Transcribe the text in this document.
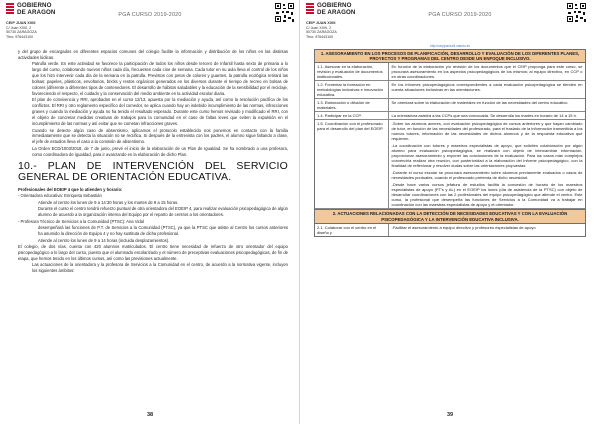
GOBIERNO
DE ARAGON
CEIP JUAN XXIII
C/ Juan XXIII, 2
50730 ZARAGOZA
Tfno: 976443100
PGA CURSO 2019-2020

y del grupo de encargados en diferentes espacios comunes del colegio facilite la información y distribución de los niños en las distintas actividades lúdicas.

Patrulla verde. En este actividad se favorece la participación de todos los niños desde tercero de Infantil hasta sexto de primaria a lo largo del curso, colaborando nuevos niños cada día, frecuentes cada cine de semana. Cada tutor en su aula lleva el control de los niños que los hizo intervenir cada día de la semana en la patrulla. Previstos con petos de colores y guantes, la patrulla ecológica retirará las bolsas: papeles, plásticos, envoltorios, bricks y restos orgánicos generados en los diversos durante el tiempo de recreo en bolsas de colores (diferente a diferentes tipos de contenedores. El desarrollo de hábitos saludables y la educación de la sensibilidad por el reciclaje, favoreciendo el respecto, el cuidado y la conservación del medio ambiente en la actividad escolar diaria.

El plan de convivencia y RRI, aprobados en el curso 12/13, apuesta por la mediación y ayuda, así como la resolución pacífica de los conflictos. El RRI y otro reglamento específico del comedor, se aplica cuando hay un indebido incumplimiento de las normas, infracciones graves y cuando la mediación y ayuda no ha tenido el resultado esperado. Durante este curso hemos revisado y modificado el RRI, con el objeto de concretar medidas creativas de trabajos para la comunidad en el caso de faltas leves que eviten la expulsión en el incumplimiento de las normas y así evitar que se cometan infracciones graves.

Cuando se detecte algún caso de absentismo, aplicamos el protocolo establecido nos ponemos en contacto con la familia inmediatamente que se detecta la situación no se rectifica. Si después de la entrevista con los padres, el alumno sigue faltando a clase, el jefe de estudios lleva el caso a la comisión de absentismo.

La Orden ECD/1003/2018, de 7 de junio, prevé el inicio de la elaboración de un Plan de Igualdad. Se ha nombrado a una profesora, como coordinadora de igualdad, para ir avanzando en la elaboración de dicho Plan.

10.- PLAN DE INTERVENCIÓN DEL SERVICIO GENERAL DE ORIENTACIÓN EDUCATIVA.

Profesionales del EOEIP 4 que lo atienden y horario:

- Orientadora educativa: Enriqueta Sebastián

Atiende al centro los lunes de 9 a 14:30 horas y los martes de 9 a 15 horas.

Durante el curso el centro tendrá refuerzo puntual de otra orientadora del EOEIP 4, para realizar evaluación psicopedagógica de algún alumno de acuerdo a la organización interna del Equipo por el reparto de centros a los orientadores.

- Profesora Técnico de Servicios a la Comunidad (PTSC): Ana Vidal

desempeñará las funciones de P.T. de Servicios a la Comunidad (PTSC), ya que la PTSC que asiste al Centro los cursos anteriores ha asumido la dirección de Equipo 4 y no hay sustituta de dicha profesional.

Atiende al centro los lunes de 9 a 14 horas (incluida desplazamientos).

El colegio, de dos vías, cuenta con 420 alumnos matriculados. El centro tiene necesidad de refuerzo de otro orientador del equipo psicopedagógico a lo largo del curso, puesto que el alumnado escolarizado y el número de preceptivas evaluaciones psicopedagógicas, de fin de etapa, que hemos tenido en los últimos cursos, así como las previsiones actualmente.

Las actuaciones de la orientadora y la profesora de Servicios a la Comunidad en el centro, de acuerdo a la normativa vigente, incluyen los siguientes ámbitos:

38
GOBIERNO
DE ARAGON
CEIP JUAN XXIII
C/ Juan XXIII, 2
50730 ZARAGOZA
Tfno: 976443100
PGA CURSO 2019-2020
http://ceipjuanxxiii.catedu.es
1. ASESORAMIENTO EN LOS PROCESOS DE PLANIFICACIÓN, DESARROLLO Y EVALUACIÓN DE LOS DIFERENTES PLANES, PROYECTOS Y PROGRAMAS DEL CENTRO DESDE UN ENFOQUE INCLUSIVO.
1.1. Asesorar en la elaboración, revisión y evaluación de documentos institucionales.

En función de la elaboración y/o revisión de los documentos que el CEIP proponga para este curso, se procurará asesoramiento en los aspectos psicopedagógicos de los mismos; al equipo directivo, en CCP o en otras coordinaciones.

1.2. Fomentar la formación en metodologías inclusivas e innovación educativa.

En los informes psicopedagógicos correspondientes a cada evaluación psicopedagógica se tienden en cuenta situaciones inclusivas en las orientaciones.

1.3. Elaboración o difusión de materiales.

Se orientará sobre la elaboración de materiales en función de las necesidades del centro educativo.

1.4. Participar en la CCP.	La orientadora asistirá a las CCPs que sea convocada. Se desarrolla los martes en horario de 14 a 15 h.

1.5. Coordinación con el profesorado para el desarrollo del plan del EOEIP.

-Sobre los alumnos acnees, con evaluación psicopedagógica de cursos anteriores y que hayan cambiado de tutor, en función de las necesidades del profesorado, para el traslado de la información transmitida a los nuevos tutores, información de las necesidades de dichos alumnos y de la respuesta educativa que requieren.

-La coordinación con tutores y maestros especialistas de apoyo, que soliciten colaboración por algún alumno para evaluación psicopedagógica, se realizará con objeto de intercambiar información, proporcionar asesoramiento y exponer las conclusiones de la evaluación. Para los casos más complejos convendría realizar otra reunión, con posterioridad a la elaboración del informe psicopedagógico, con la finalidad de reflexionar y resolver dudas sobre las orientaciones propuestas.

-Durante el curso escolar se procurará asesoramiento sobre alumnos previamente evaluados o casos de necesidades puntuales, cuando el profesorado pretenda de dicho necesidad.

-Desde hace varios cursos jefatura de estudios facilita la concesión de horario de los maestros especialistas de apoyo (PT's y AL) en el EOEIP los lunes (día de asistencia de la PTSC) con objeto de desarrollar coordinaciones con las 2 profesionales del equipo psicopedagógico que atiende el centro. Este curso, la profesional que desempeña las funciones de Servicios a la Comunidad va a trabajar en coordinación con las maestras especialistas de apoyo y el orientador.

2. ACTUACIONES RELACIONADAS CON LA DETECCIÓN DE NECESIDADES EDUCATIVAS Y CON LA EVALUACIÓN PSICOPEDAGÓGICA Y LA INTERVENCIÓN EDUCATIVA INCLUSIVA.
2.1. Colaborar con el centro en el diseño y

-Facilitar el asesoramiento a equipo directivo y profesores especialistas de apoyo

39
